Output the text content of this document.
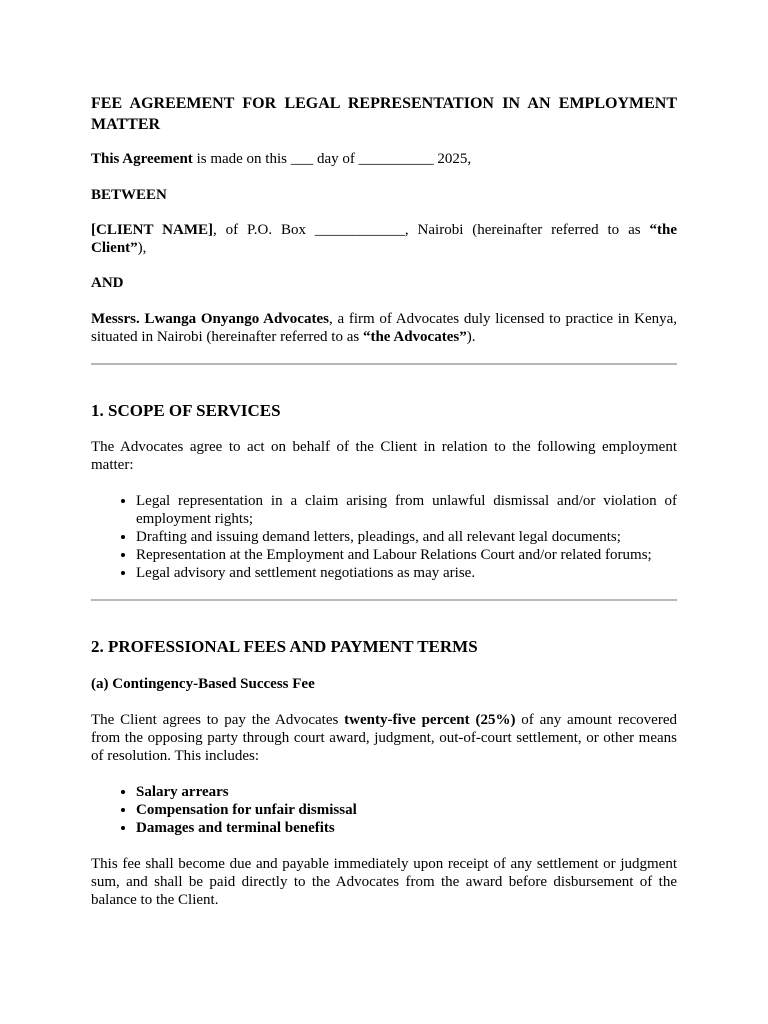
FEE AGREEMENT FOR LEGAL REPRESENTATION IN AN EMPLOYMENT MATTER

This Agreement is made on this ___ day of __________ 2025,

BETWEEN

[CLIENT NAME], of P.O. Box ____________, Nairobi (hereinafter referred to as “the Client”),

AND

Messrs. Lwanga Onyango Advocates, a firm of Advocates duly licensed to practice in Kenya, situated in Nairobi (hereinafter referred to as “the Advocates”).

1. SCOPE OF SERVICES

The Advocates agree to act on behalf of the Client in relation to the following employment matter:

• Legal representation in a claim arising from unlawful dismissal and/or violation of employment rights;
• Drafting and issuing demand letters, pleadings, and all relevant legal documents;
• Representation at the Employment and Labour Relations Court and/or related forums;
• Legal advisory and settlement negotiations as may arise.
2. PROFESSIONAL FEES AND PAYMENT TERMS
(a) Contingency-Based Success Fee

The Client agrees to pay the Advocates twenty-five percent (25%) of any amount recovered from the opposing party through court award, judgment, out-of-court settlement, or other means of resolution. This includes:

• Salary arrears
• Compensation for unfair dismissal
• Damages and terminal benefits

This fee shall become due and payable immediately upon receipt of any settlement or judgment sum, and shall be paid directly to the Advocates from the award before disbursement of the balance to the Client.
